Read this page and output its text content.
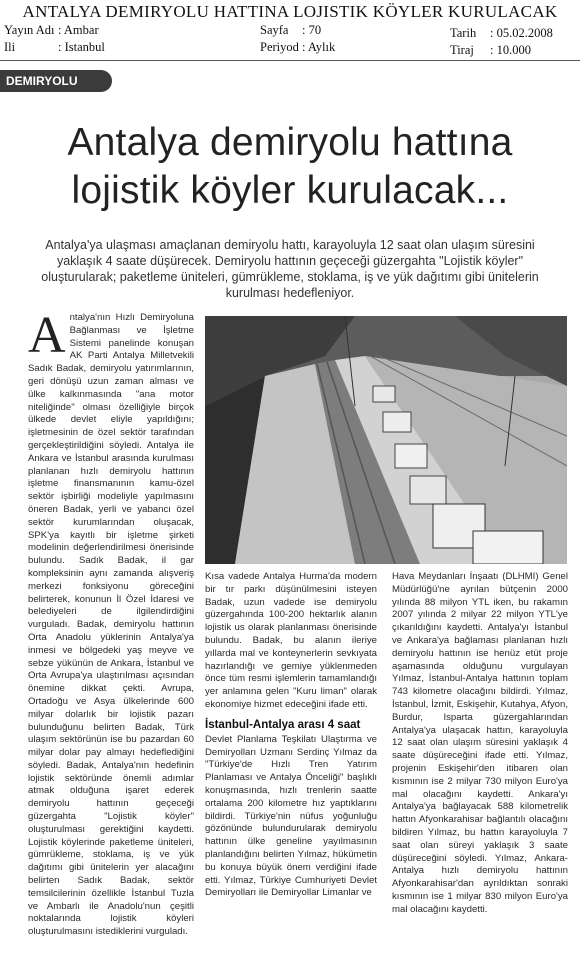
ANTALYA DEMIRYOLU HATTINA LOJISTIK KÖYLER KURULACAK
Yayın Adı : Ambar
Ili	: Istanbul
Sayfa : 70
Periyod : Aylık
Tarih : 05.02.2008
Tiraj : 10.000
DEMIRYOLU
Antalya demiryolu hattına
lojistik köyler kurulacak...
Antalya'ya ulaşması amaçlanan demiryolu hattı, karayoluyla 12 saat olan ulaşım süresini yaklaşık 4 saate düşürecek. Demiryolu hattının geçeceği güzergahta "Lojistik köyler" oluşturularak; paketleme üniteleri, gümrükleme, stoklama, iş ve yük dağıtımı gibi ünitelerin kurulması hedefleniyor.

Antalya'nın Hızlı Demiryoluna Bağlanması ve İşletme Sistemi panelinde konuşan AK Parti Antalya Milletvekili Sadık Badak, demiryolu yatırımlarının, geri dönüşü uzun zaman alması ve ülke kalkınmasında "ana motor niteliğinde" olması özelliğiyle birçok ülkede devlet eliyle yapıldığını; işletmesinin de özel sektör tarafından gerçekleştirildiğini söyledi. Antalya ile Ankara ve İstanbul arasında kurulması planlanan hızlı demiryolu hattının işletme finansmanının kamu-özel sektör işbirliği modeliyle yapılmasını öneren Badak, yerli ve yabancı özel sektör kurumlarından oluşacak, SPK'ya kayıtlı bir işletme şirketi modelinin değerlendirilmesi önerisinde bulundu. Sadık Badak, il gar kompleksinin aynı zamanda alışveriş merkezi fonksiyonu göreceğini belirterek, konunun İl Özel İdaresi ve belediyeleri de ilgilendirdiğini vurguladı. Badak, demiryolu hattının Orta Anadolu yüklerinin Antalya'ya inmesi ve bölgedeki yaş meyve ve sebze yükünün de Ankara, İstanbul ve Orta Avrupa'ya ulaştırılması açısından önemine dikkat çekti. Avrupa, Ortadoğu ve Asya ülkelerinde 600 milyar dolarlık bir lojistik pazarı bulunduğunu belirten Badak, Türk ulaşım sektörünün ise bu pazardan 60 milyar dolar pay almayı hedeflediğini söyledi. Badak, Antalya'nın hedefinin lojistik sektöründe önemli adımlar atmak olduğuna işaret ederek demiryolu hattının geçeceği güzergahta "Lojistik köyler" oluşturulması gerektiğini kaydetti. Lojistik köylerinde paketleme üniteleri, gümrükleme, stoklama, iş ve yük dağıtımı gibi ünitelerin yer alacağını belirten Sadık Badak, sektör temsilcilerinin özellikle İstanbul Tuzla ve Ambarlı ile Anadolu'nun çeşitli noktalarında lojistik köyleri oluşturulmasını istediklerini vurguladı.

Kısa vadede Antalya Hurma'da modern bir tır parkı düşünülmesini isteyen Badak, uzun vadede ise demiryolu güzergahında 100-200 hektarlık alanın lojistik us olarak planlanması önerisinde bulundu. Badak, bu alanın ileriye yıllarda mal ve konteynerlerin sevkıyata hazırlandığı ve gemiye yüklenmeden önce tüm resmi işlemlerin tamamlandığı yer anlamına gelen "Kuru liman" olarak ekonomiye hizmet edeceğini ifade etti.

İstanbul-Antalya arası 4 saat

Devlet Planlama Teşkilatı Ulaştırma ve Demiryolları Uzmanı Serdinç Yılmaz da "Türkiye'de Hızlı Tren Yatırım Planlaması ve Antalya Önceliği" başlıklı konuşmasında, hızlı trenlerin saatte ortalama 200 kilometre hız yaptıklarını bildirdi. Türkiye'nin nüfus yoğunluğu gözönünde bulundurularak demiryolu hattının ülke geneline yayılmasının planlandığını belirten Yılmaz, hükümetin bu konuya büyük önem verdiğini ifade etti. Yılmaz, Türkiye Cumhuriyeti Devlet Demiryolları ile Demiryollar Limanlar ve

Hava Meydanları İnşaatı (DLHMI) Genel Müdürlüğü'ne ayrılan bütçenin 2000 yılında 88 milyon YTL iken, bu rakamın 2007 yılında 2 milyar 22 milyon YTL'ye çıkarıldığını kaydetti. Antalya'yı İstanbul ve Ankara'ya bağlaması planlanan hızlı demiryolu hattının ise henüz etüt proje aşamasında olduğunu vurgulayan Yılmaz, İstanbul-Antalya hattının toplam 743 kilometre olacağını bildirdi. Yılmaz, İstanbul, İzmit, Eskişehir, Kutahya, Afyon, Burdur, Isparta güzergahlarından Antalya'ya ulaşacak hattın, karayoluyla 12 saat olan ulaşım süresini yaklaşık 4 saate düşüreceğini ifade etti. Yılmaz, projenin Eskişehir'den itibaren olan kısmının ise 2 milyar 730 milyon Euro'ya mal olacağını kaydetti. Ankara'yı Antalya'ya bağlayacak 588 kilometrelik hattın Afyonkarahisar bağlantılı olacağını bildiren Yılmaz, bu hattın karayoluyla 7 saat olan süreyi yaklaşık 3 saate düşüreceğini söyledi. Yılmaz, Ankara-Antalya hızlı demiryolu hattının Afyonkarahisar'dan ayrıldıktan sonraki kısmının ise 1 milyar 830 milyon Euro'ya mal olacağını kaydetti.
